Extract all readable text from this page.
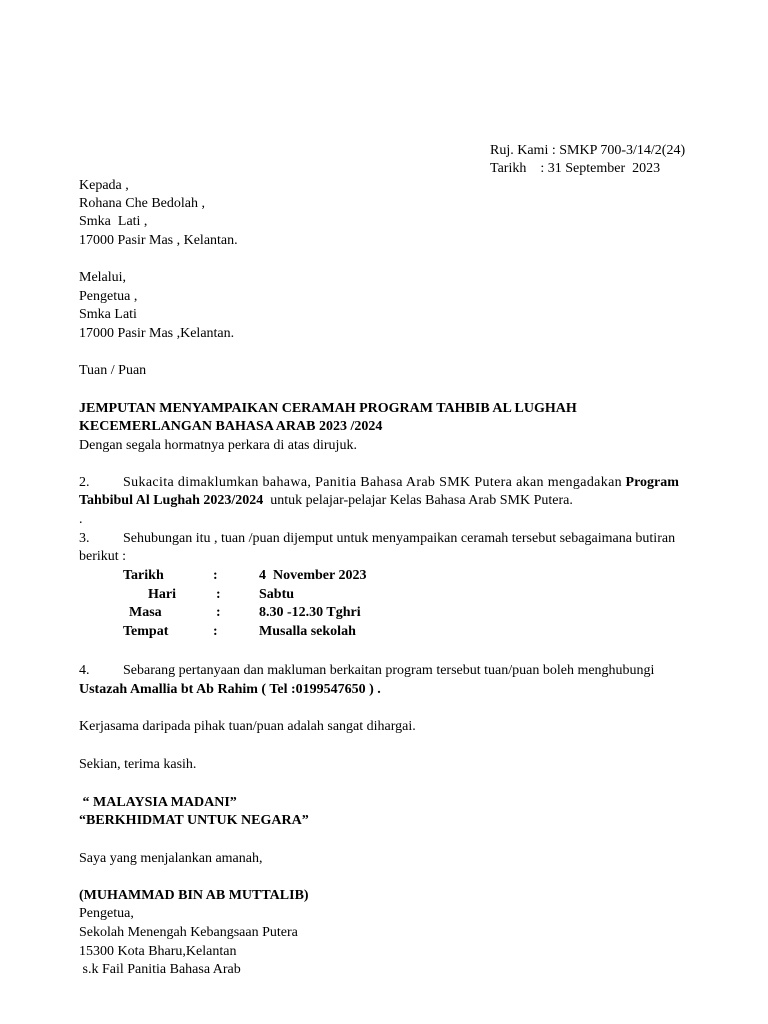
Ruj. Kami : SMKP 700-3/14/2(24)
Tarikh : 31 September  2023
Kepada ,
Rohana Che Bedolah ,
Smka  Lati ,
17000 Pasir Mas , Kelantan.
Melalui,
Pengetua ,
Smka Lati
17000 Pasir Mas ,Kelantan.
Tuan / Puan
JEMPUTAN MENYAMPAIKAN CERAMAH PROGRAM TAHBIB AL LUGHAH
KECEMERLANGAN BAHASA ARAB 2023 /2024
Dengan segala hormatnya perkara di atas dirujuk.
2. Sukacita dimaklumkan bahawa, Panitia Bahasa Arab SMK Putera akan mengadakan Program
Tahbibul Al Lughah 2023/2024  untuk pelajar-pelajar Kelas Bahasa Arab SMK Putera.
.
3. Sehubungan itu , tuan /puan dijemput untuk menyampaikan ceramah tersebut sebagaimana butiran
berikut :
Tarikh	:	4  November 2023
Hari	:	Sabtu
Masa	:	8.30 -12.30 Tghri
Tempat	:	Musalla sekolah
4. Sebarang pertanyaan dan makluman berkaitan program tersebut tuan/puan boleh menghubungi
Ustazah Amallia bt Ab Rahim ( Tel :0199547650 ) .
Kerjasama daripada pihak tuan/puan adalah sangat dihargai.
Sekian, terima kasih.
“ MALAYSIA MADANI”
“BERKHIDMAT UNTUK NEGARA”
Saya yang menjalankan amanah,
(MUHAMMAD BIN AB MUTTALIB)
Pengetua,
Sekolah Menengah Kebangsaan Putera
15300 Kota Bharu,Kelantan
s.k Fail Panitia Bahasa Arab
